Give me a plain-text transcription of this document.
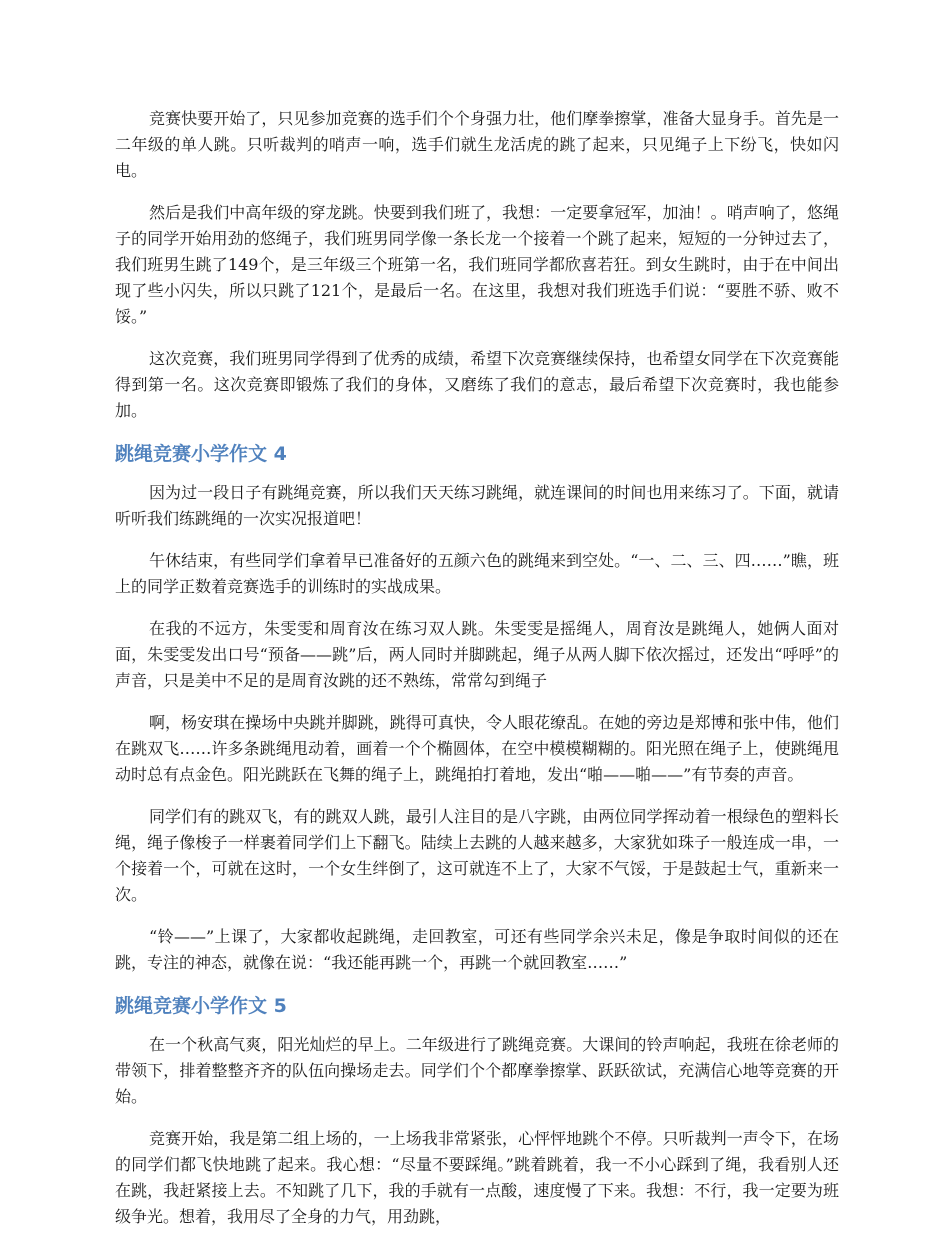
竞赛快要开始了，只见参加竞赛的选手们个个身强力壮，他们摩拳擦掌，准备大显身手。首先是一二年级的单人跳。只听裁判的哨声一响，选手们就生龙活虎的跳了起来，只见绳子上下纷飞，快如闪电。

然后是我们中高年级的穿龙跳。快要到我们班了，我想：一定要拿冠军，加油！。哨声响了，悠绳子的同学开始用劲的悠绳子，我们班男同学像一条长龙一个接着一个跳了起来，短短的一分钟过去了，我们班男生跳了149个，是三年级三个班第一名，我们班同学都欣喜若狂。到女生跳时，由于在中间出现了些小闪失，所以只跳了121个，是最后一名。在这里，我想对我们班选手们说：“要胜不骄、败不馁。”

这次竞赛，我们班男同学得到了优秀的成绩，希望下次竞赛继续保持，也希望女同学在下次竞赛能得到第一名。这次竞赛即锻炼了我们的身体，又磨练了我们的意志，最后希望下次竞赛时，我也能参加。

跳绳竞赛小学作文 4

因为过一段日子有跳绳竞赛，所以我们天天练习跳绳，就连课间的时间也用来练习了。下面，就请听听我们练跳绳的一次实况报道吧！

午休结束，有些同学们拿着早已准备好的五颜六色的跳绳来到空处。“一、二、三、四……”瞧，班上的同学正数着竞赛选手的训练时的实战成果。

在我的不远方，朱雯雯和周育汝在练习双人跳。朱雯雯是摇绳人，周育汝是跳绳人，她俩人面对面，朱雯雯发出口号“预备——跳”后，两人同时并脚跳起，绳子从两人脚下依次摇过，还发出“呼呼”的声音，只是美中不足的是周育汝跳的还不熟练，常常勾到绳子

啊，杨安琪在操场中央跳并脚跳，跳得可真快，令人眼花缭乱。在她的旁边是郑博和张中伟，他们在跳双飞……许多条跳绳甩动着，画着一个个椭圆体，在空中模模糊糊的。阳光照在绳子上，使跳绳甩动时总有点金色。阳光跳跃在飞舞的绳子上，跳绳拍打着地，发出“啪——啪——”有节奏的声音。

同学们有的跳双飞，有的跳双人跳，最引人注目的是八字跳，由两位同学挥动着一根绿色的塑料长绳，绳子像梭子一样裹着同学们上下翻飞。陆续上去跳的人越来越多，大家犹如珠子一般连成一串，一个接着一个，可就在这时，一个女生绊倒了，这可就连不上了，大家不气馁，于是鼓起士气，重新来一次。

“铃——”上课了，大家都收起跳绳，走回教室，可还有些同学余兴未足，像是争取时间似的还在跳，专注的神态，就像在说：“我还能再跳一个，再跳一个就回教室……”

跳绳竞赛小学作文 5

在一个秋高气爽，阳光灿烂的早上。二年级进行了跳绳竞赛。大课间的铃声响起，我班在徐老师的带领下，排着整整齐齐的队伍向操场走去。同学们个个都摩拳擦掌、跃跃欲试，充满信心地等竞赛的开始。

竞赛开始，我是第二组上场的，一上场我非常紧张，心怦怦地跳个不停。只听裁判一声令下，在场的同学们都飞快地跳了起来。我心想：“尽量不要踩绳。”跳着跳着，我一不小心踩到了绳，我看别人还在跳，我赶紧接上去。不知跳了几下，我的手就有一点酸，速度慢了下来。我想：不行，我一定要为班级争光。想着，我用尽了全身的力气，用劲跳，
